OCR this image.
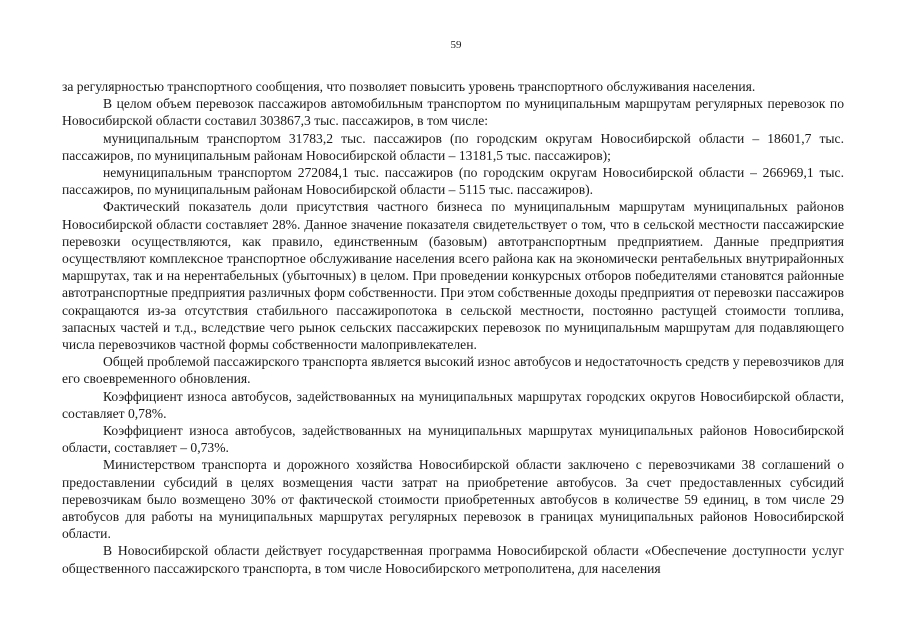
59

за регулярностью транспортного сообщения, что позволяет повысить уровень транспортного обслуживания населения.

В целом объем перевозок пассажиров автомобильным транспортом по муниципальным маршрутам регулярных перевозок по Новосибирской области составил 303867,3 тыс. пассажиров, в том числе:

муниципальным транспортом 31783,2 тыс. пассажиров (по городским округам Новосибирской области – 18601,7 тыс. пассажиров, по муниципальным районам Новосибирской области – 13181,5 тыс. пассажиров);

немуниципальным транспортом 272084,1 тыс. пассажиров (по городским округам Новосибирской области – 266969,1 тыс. пассажиров, по муниципальным районам Новосибирской области – 5115 тыс. пассажиров).

Фактический показатель доли присутствия частного бизнеса по муниципальным маршрутам муниципальных районов Новосибирской области составляет 28%. Данное значение показателя свидетельствует о том, что в сельской местности пассажирские перевозки осуществляются, как правило, единственным (базовым) автотранспортным предприятием. Данные предприятия осуществляют комплексное транспортное обслуживание населения всего района как на экономически рентабельных внутрирайонных маршрутах, так и на нерентабельных (убыточных) в целом. При проведении конкурсных отборов победителями становятся районные автотранспортные предприятия различных форм собственности. При этом собственные доходы предприятия от перевозки пассажиров сокращаются из-за отсутствия стабильного пассажиропотока в сельской местности, постоянно растущей стоимости топлива, запасных частей и т.д., вследствие чего рынок сельских пассажирских перевозок по муниципальным маршрутам для подавляющего числа перевозчиков частной формы собственности малопривлекателен.

Общей проблемой пассажирского транспорта является высокий износ автобусов и недостаточность средств у перевозчиков для его своевременного обновления.

Коэффициент износа автобусов, задействованных на муниципальных маршрутах городских округов Новосибирской области, составляет 0,78%.

Коэффициент износа автобусов, задействованных на муниципальных маршрутах муниципальных районов Новосибирской области, составляет – 0,73%.

Министерством транспорта и дорожного хозяйства Новосибирской области заключено с перевозчиками 38 соглашений о предоставлении субсидий в целях возмещения части затрат на приобретение автобусов. За счет предоставленных субсидий перевозчикам было возмещено 30% от фактической стоимости приобретенных автобусов в количестве 59 единиц, в том числе 29 автобусов для работы на муниципальных маршрутах регулярных перевозок в границах муниципальных районов Новосибирской области.

В Новосибирской области действует государственная программа Новосибирской области «Обеспечение доступности услуг общественного пассажирского транспорта, в том числе Новосибирского метрополитена, для населения
